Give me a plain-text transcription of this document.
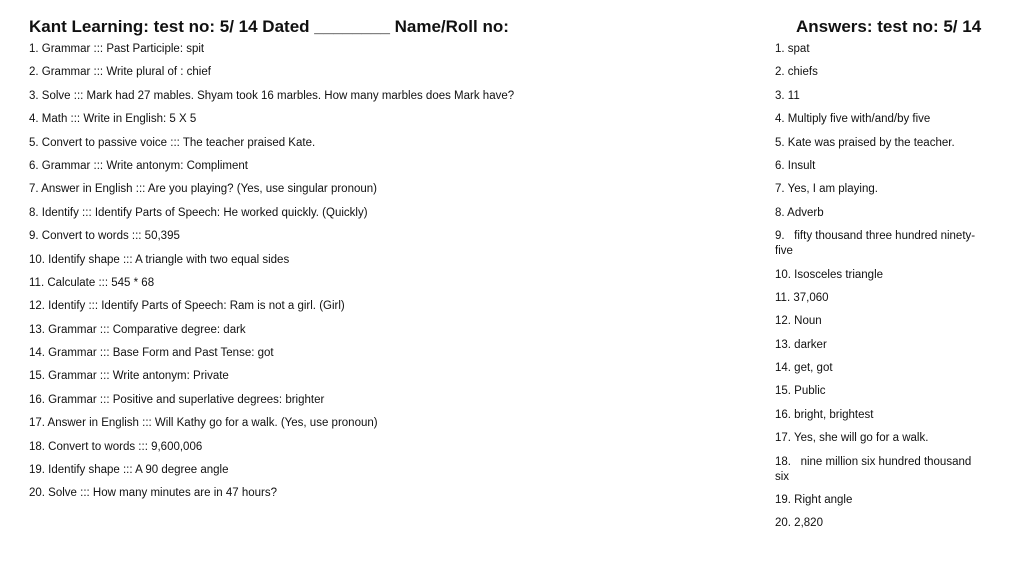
Kant Learning: test no: 5/ 14 Dated ________ Name/Roll no:
1. Grammar ::: Past Participle: spit
2. Grammar ::: Write plural of : chief
3. Solve ::: Mark had 27 mables. Shyam took 16 marbles. How many marbles does Mark have?
4. Math ::: Write in English: 5 X 5
5. Convert to passive voice ::: The teacher praised Kate.
6. Grammar ::: Write antonym: Compliment
7. Answer in English ::: Are you playing? (Yes, use singular pronoun)
8. Identify ::: Identify Parts of Speech: He worked quickly. (Quickly)
9. Convert to words ::: 50,395
10. Identify shape ::: A triangle with two equal sides
11. Calculate ::: 545 * 68
12. Identify ::: Identify Parts of Speech: Ram is not a girl. (Girl)
13. Grammar ::: Comparative degree: dark
14. Grammar ::: Base Form and Past Tense: got
15. Grammar ::: Write antonym: Private
16. Grammar ::: Positive and superlative degrees: brighter
17. Answer in English ::: Will Kathy go for a walk. (Yes, use pronoun)
18. Convert to words ::: 9,600,006
19. Identify shape ::: A 90 degree angle
20. Solve ::: How many minutes are in 47 hours?
Answers: test no: 5/ 14
1. spat
2. chiefs
3. 11
4. Multiply five with/and/by five
5. Kate was praised by the teacher.
6. Insult
7. Yes, I am playing.
8. Adverb
9.   fifty thousand three hundred ninety-five
10. Isosceles triangle
11. 37,060
12. Noun
13. darker
14. get, got
15. Public
16. bright, brightest
17. Yes, she will go for a walk.
18.   nine million six hundred thousand  six
19. Right angle
20. 2,820
